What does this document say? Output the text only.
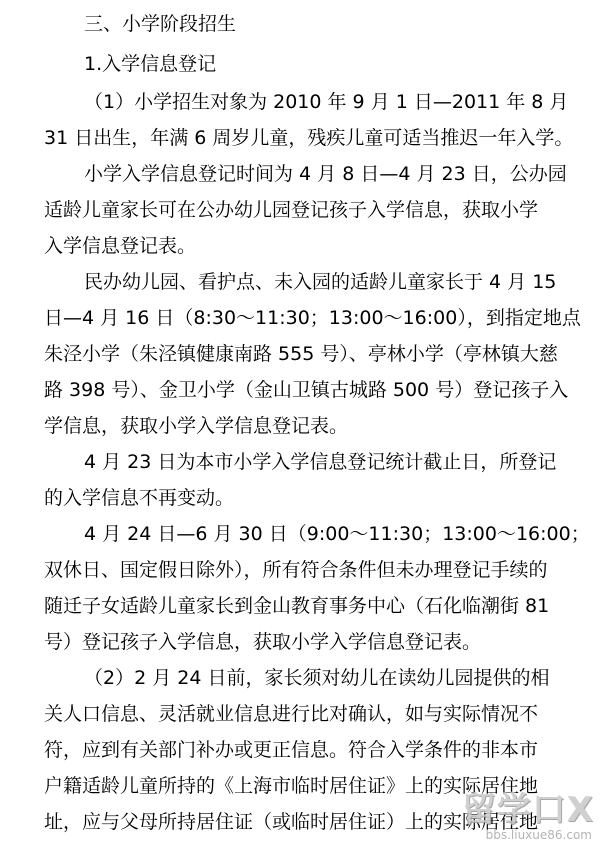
三、小学阶段招生
1.入学信息登记
（1）小学招生对象为 2010 年 9 月 1 日—2011 年 8 月
31 日出生，年满 6 周岁儿童，残疾儿童可适当推迟一年入学。
小学入学信息登记时间为 4 月 8 日—4 月 23 日，公办园
适龄儿童家长可在公办幼儿园登记孩子入学信息，获取小学
入学信息登记表。
民办幼儿园、看护点、未入园的适龄儿童家长于 4 月 15
日—4 月 16 日（8:30～11:30；13:00～16:00），到指定地点
朱泾小学（朱泾镇健康南路 555 号）、亭林小学（亭林镇大慈
路 398 号）、金卫小学（金山卫镇古城路 500 号）登记孩子入
学信息，获取小学入学信息登记表。
4 月 23 日为本市小学入学信息登记统计截止日，所登记
的入学信息不再变动。
4 月 24 日—6 月 30 日（9:00～11:30；13:00～16:00；
双休日、国定假日除外），所有符合条件但未办理登记手续的
随迁子女适龄儿童家长到金山教育事务中心（石化临潮街 81
号）登记孩子入学信息，获取小学入学信息登记表。
（2）2 月 24 日前，家长须对幼儿在读幼儿园提供的相
关人口信息、灵活就业信息进行比对确认，如与实际情况不
符，应到有关部门补办或更正信息。符合入学条件的非本市
户籍适龄儿童所持的《上海市临时居住证》上的实际居住地
址，应与父母所持居住证（或临时居住证）上的实际居住地
留学口X
bbs.liuxue86.com
